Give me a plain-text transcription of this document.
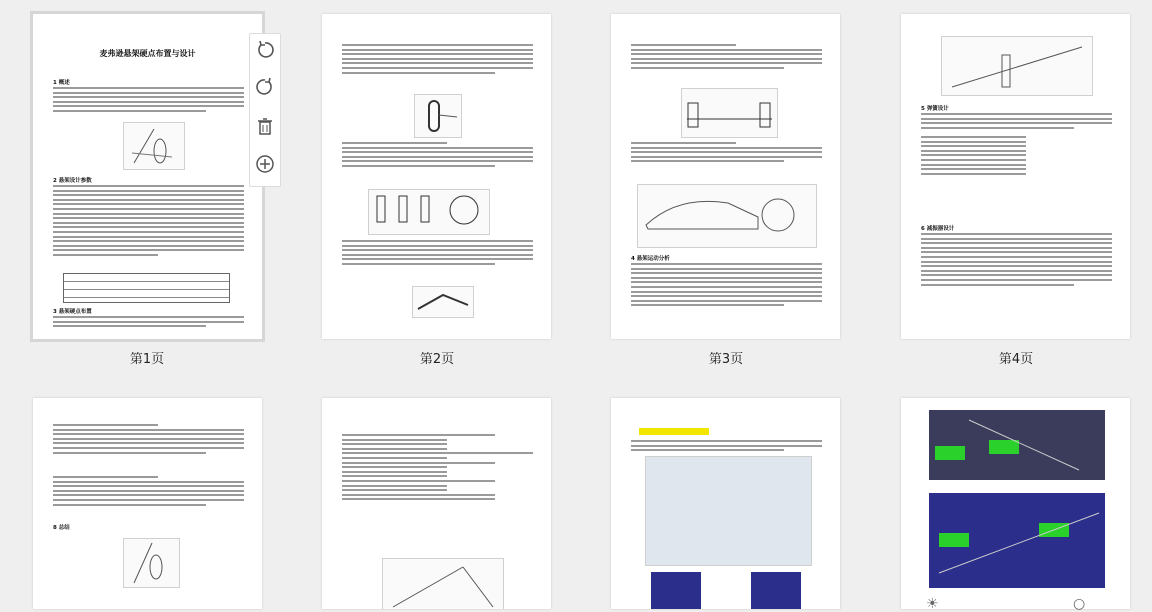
麦弗逊悬架硬点布置与设计
1 概述
2 悬架设计参数
3 悬架硬点布置
第1页	第2页
4 悬架运动分析
第3页
5 弹簧设计
6 减振器设计
第4页
8 总结
☀	○
